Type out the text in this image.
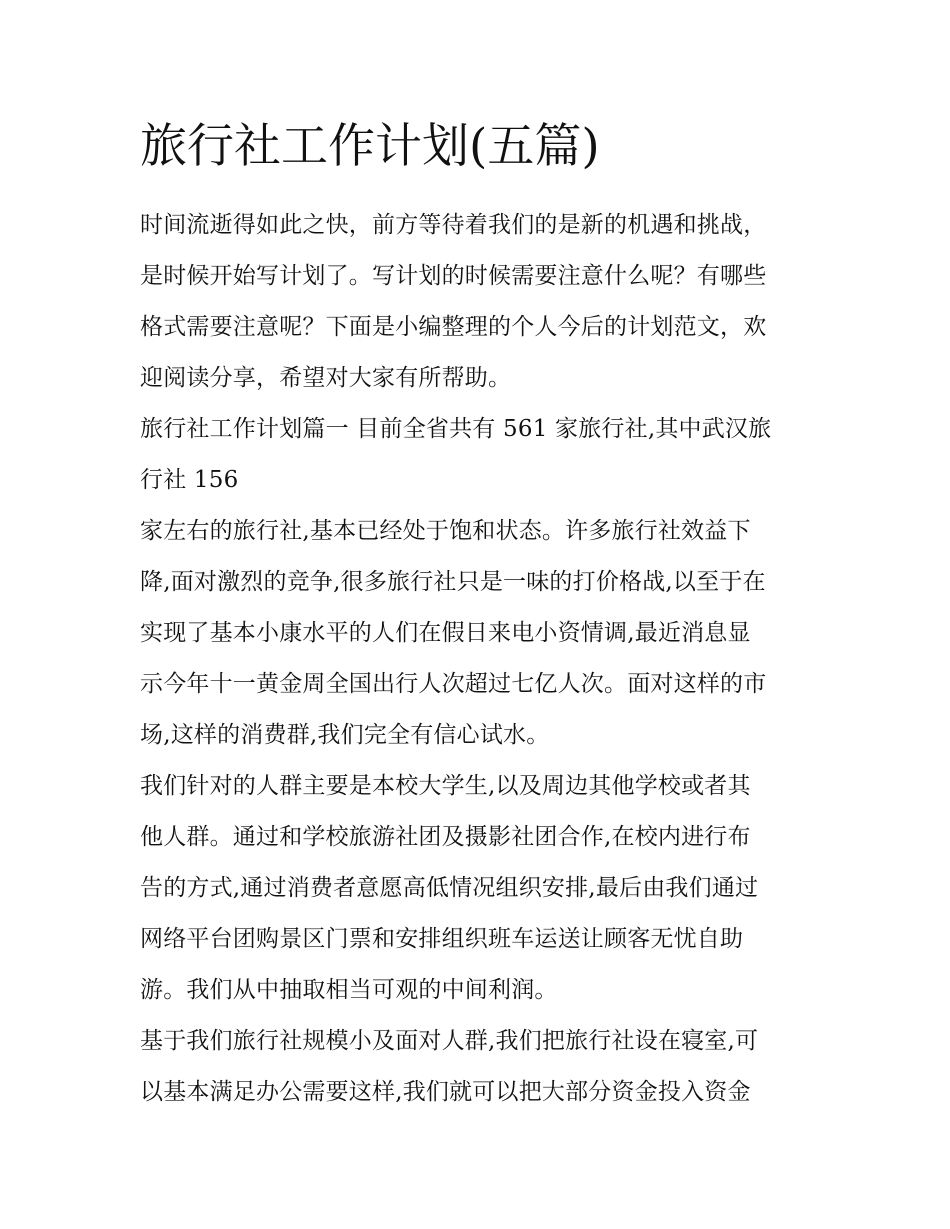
旅行社工作计划(五篇)

时间流逝得如此之快，前方等待着我们的是新的机遇和挑战，
是时候开始写计划了。写计划的时候需要注意什么呢？有哪些
格式需要注意呢？下面是小编整理的个人今后的计划范文，欢
迎阅读分享，希望对大家有所帮助。

旅行社工作计划篇一 目前全省共有 561 家旅行社,其中武汉旅
行社 156

家左右的旅行社,基本已经处于饱和状态。许多旅行社效益下
降,面对激烈的竞争,很多旅行社只是一味的打价格战,以至于在
实现了基本小康水平的人们在假日来电小资情调,最近消息显
示今年十一黄金周全国出行人次超过七亿人次。面对这样的市
场,这样的消费群,我们完全有信心试水。

我们针对的人群主要是本校大学生,以及周边其他学校或者其
他人群。通过和学校旅游社团及摄影社团合作,在校内进行布
告的方式,通过消费者意愿高低情况组织安排,最后由我们通过
网络平台团购景区门票和安排组织班车运送让顾客无忧自助
游。我们从中抽取相当可观的中间利润。

基于我们旅行社规模小及面对人群,我们把旅行社设在寝室,可
以基本满足办公需要这样,我们就可以把大部分资金投入资金
